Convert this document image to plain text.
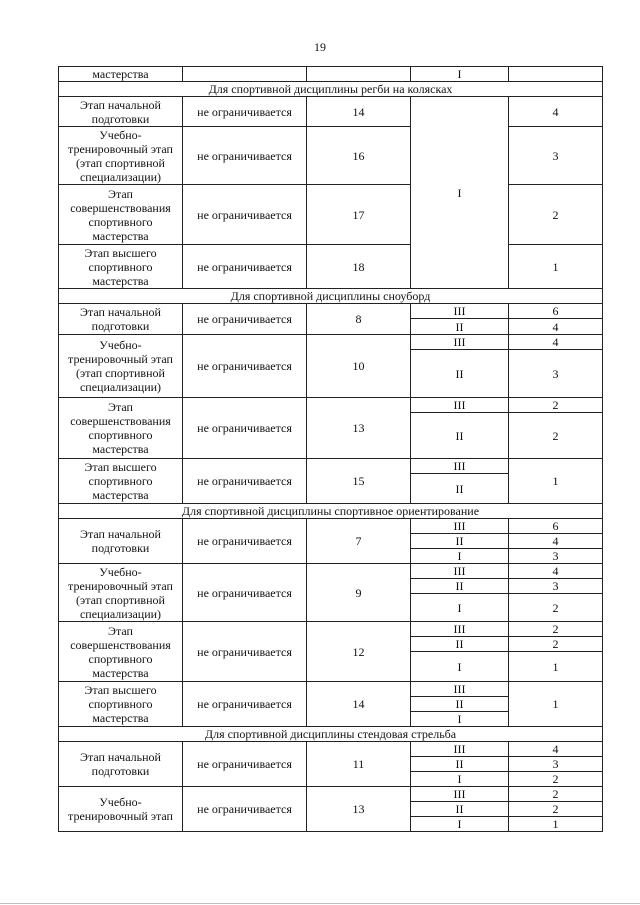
19
мастерства			I	
Для спортивной дисциплины регби на колясках				
Этап начальной подготовки	не ограничивается	14	I	4
Учебно-тренировочный этап (этап спортивной специализации)	не ограничивается	16		3
Этап совершенствования спортивного мастерства	не ограничивается	17		2
Этап высшего спортивного мастерства	не ограничивается	18		1
Для спортивной дисциплины сноуборд				
Этап начальной подготовки	не ограничивается	8	III	6
			II	4
Учебно-тренировочный этап (этап спортивной специализации)	не ограничивается	10	III	4
			II	3
Этап совершенствования спортивного мастерства	не ограничивается	13	III	2
			II	2
Этап высшего спортивного мастерства	не ограничивается	15	III	1
			II	
Для спортивной дисциплины спортивное ориентирование				
Этап начальной подготовки	не ограничивается	7	III	6
			II	4
			I	3
Учебно-тренировочный этап (этап спортивной специализации)	не ограничивается	9	III	4
			II	3
			I	2
Этап совершенствования спортивного мастерства	не ограничивается	12	III	2
			II	2
			I	1
Этап высшего спортивного мастерства	не ограничивается	14	III	1
			II	
			I	
Для спортивной дисциплины стендовая стрельба				
Этап начальной подготовки	не ограничивается	11	III	4
			II	3
			I	2
Учебно-тренировочный этап	не ограничивается	13	III	2
			II	2
			I	1
